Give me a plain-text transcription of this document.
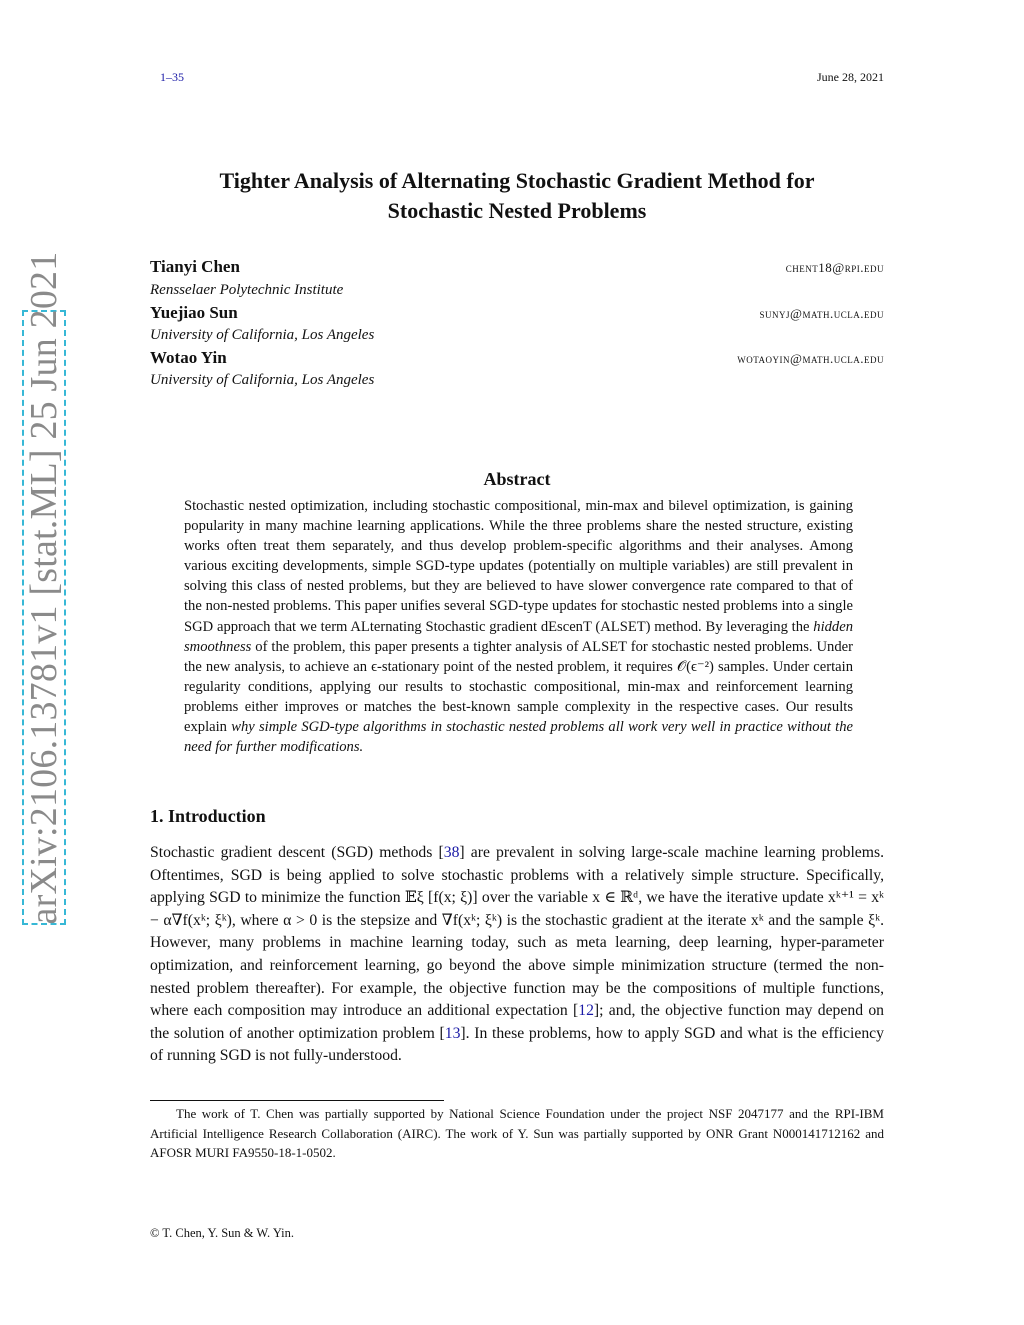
1–35	June 28, 2021
arXiv:2106.13781v1 [stat.ML] 25 Jun 2021
Tighter Analysis of Alternating Stochastic Gradient Method for
Stochastic Nested Problems
Tianyi Chen	chent18@rpi.edu
Rensselaer Polytechnic Institute
Yuejiao Sun	sunyj@math.ucla.edu
University of California, Los Angeles
Wotao Yin	wotaoyin@math.ucla.edu
University of California, Los Angeles
Abstract
Stochastic nested optimization, including stochastic compositional, min-max and bilevel optimization, is gaining popularity in many machine learning applications. While the three problems share the nested structure, existing works often treat them separately, and thus develop problem-specific algorithms and their analyses. Among various exciting developments, simple SGD-type updates (potentially on multiple variables) are still prevalent in solving this class of nested problems, but they are believed to have slower convergence rate compared to that of the non-nested problems. This paper unifies several SGD-type updates for stochastic nested problems into a single SGD approach that we term ALternating Stochastic gradient dEscenT (ALSET) method. By leveraging the hidden smoothness of the problem, this paper presents a tighter analysis of ALSET for stochastic nested problems. Under the new analysis, to achieve an ϵ-stationary point of the nested problem, it requires 𝒪(ϵ⁻²) samples. Under certain regularity conditions, applying our results to stochastic compositional, min-max and reinforcement learning problems either improves or matches the best-known sample complexity in the respective cases. Our results explain why simple SGD-type algorithms in stochastic nested problems all work very well in practice without the need for further modifications.
1. Introduction
Stochastic gradient descent (SGD) methods [38] are prevalent in solving large-scale machine learning problems. Oftentimes, SGD is being applied to solve stochastic problems with a relatively simple structure. Specifically, applying SGD to minimize the function 𝔼ξ [f(x; ξ)] over the variable x ∈ ℝᵈ, we have the iterative update xᵏ⁺¹ = xᵏ − α∇f(xᵏ; ξᵏ), where α > 0 is the stepsize and ∇f(xᵏ; ξᵏ) is the stochastic gradient at the iterate xᵏ and the sample ξᵏ. However, many problems in machine learning today, such as meta learning, deep learning, hyper-parameter optimization, and reinforcement learning, go beyond the above simple minimization structure (termed the non-nested problem thereafter). For example, the objective function may be the compositions of multiple functions, where each composition may introduce an additional expectation [12]; and, the objective function may depend on the solution of another optimization problem [13]. In these problems, how to apply SGD and what is the efficiency of running SGD is not fully-understood.
The work of T. Chen was partially supported by National Science Foundation under the project NSF 2047177 and the RPI-IBM Artificial Intelligence Research Collaboration (AIRC). The work of Y. Sun was partially supported by ONR Grant N000141712162 and AFOSR MURI FA9550-18-1-0502.
© T. Chen, Y. Sun & W. Yin.
